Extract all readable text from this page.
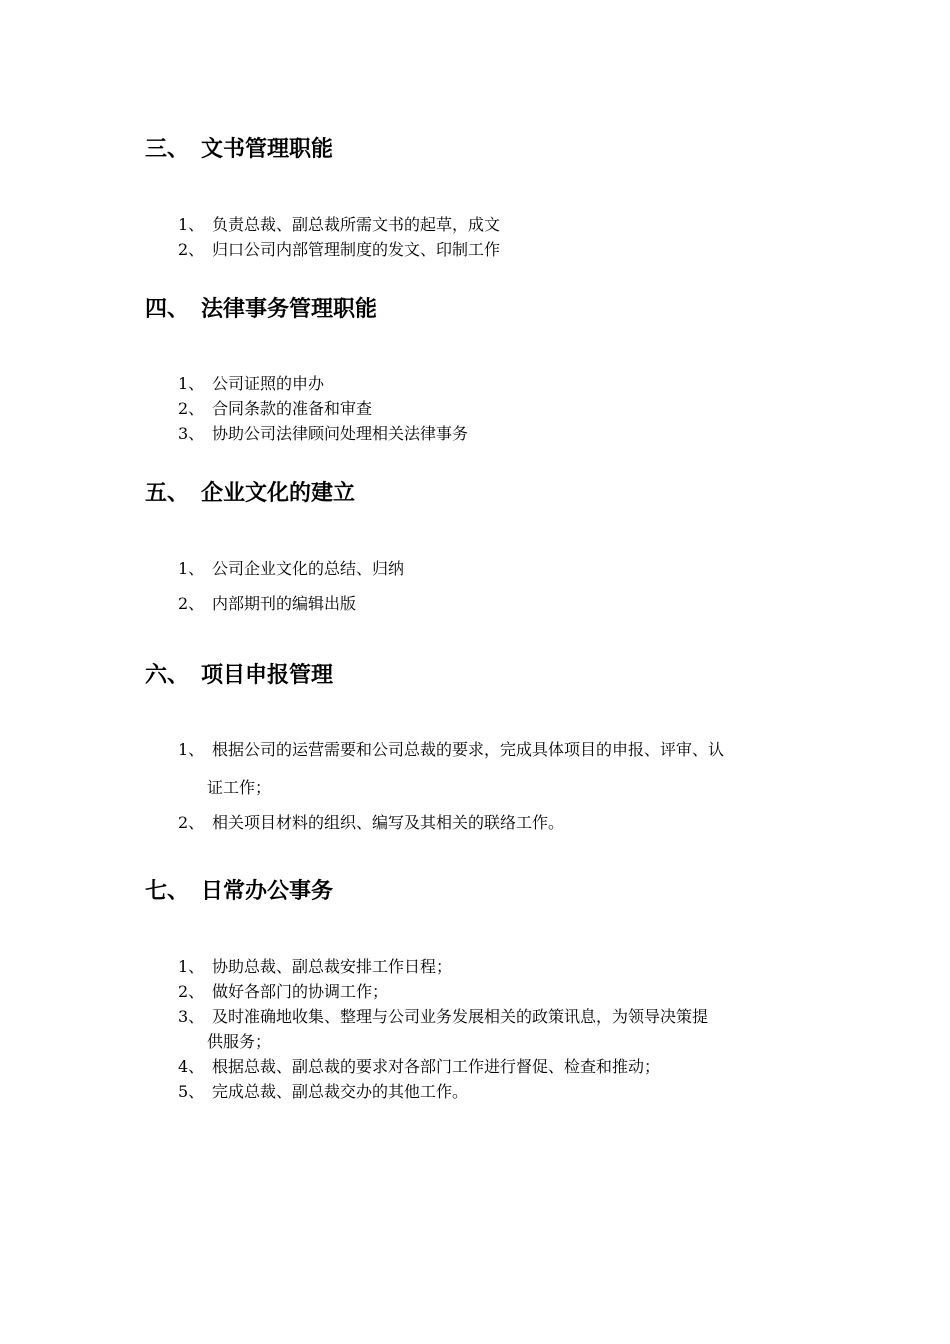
三、 文书管理职能
1、 负责总裁、副总裁所需文书的起草，成文
2、 归口公司内部管理制度的发文、印制工作
四、 法律事务管理职能
1、 公司证照的申办
2、 合同条款的准备和审查
3、 协助公司法律顾问处理相关法律事务
五、 企业文化的建立
1、 公司企业文化的总结、归纳
2、 内部期刊的编辑出版
六、 项目申报管理
1、 根据公司的运营需要和公司总裁的要求，完成具体项目的申报、评审、认
证工作；
2、 相关项目材料的组织、编写及其相关的联络工作。
七、 日常办公事务
1、 协助总裁、副总裁安排工作日程；
2、 做好各部门的协调工作；
3、 及时准确地收集、整理与公司业务发展相关的政策讯息，为领导决策提
供服务；
4、 根据总裁、副总裁的要求对各部门工作进行督促、检查和推动；
5、 完成总裁、副总裁交办的其他工作。
